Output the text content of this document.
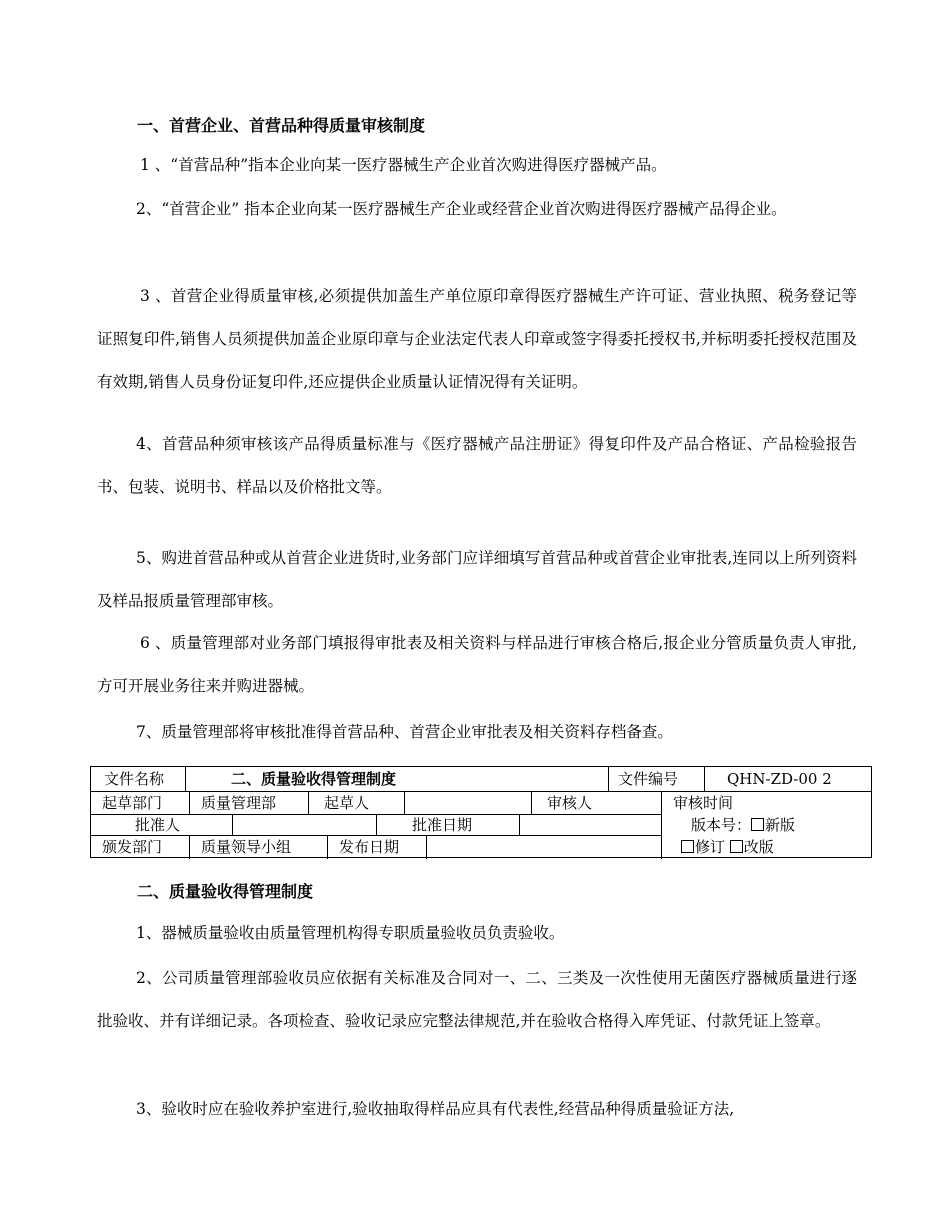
一、首营企业、首营品种得质量审核制度

1 、“首营品种”指本企业向某一医疗器械生产企业首次购进得医疗器械产品。

2、“首营企业” 指本企业向某一医疗器械生产企业或经营企业首次购进得医疗器械产品得企业。

3 、首营企业得质量审核,必须提供加盖生产单位原印章得医疗器械生产许可证、营业执照、税务登记等证照复印件,销售人员须提供加盖企业原印章与企业法定代表人印章或签字得委托授权书,并标明委托授权范围及有效期,销售人员身份证复印件,还应提供企业质量认证情况得有关证明。

4、首营品种须审核该产品得质量标准与《医疗器械产品注册证》得复印件及产品合格证、产品检验报告书、包装、说明书、样品以及价格批文等。

5、购进首营品种或从首营企业进货时,业务部门应详细填写首营品种或首营企业审批表,连同以上所列资料及样品报质量管理部审核。

6 、质量管理部对业务部门填报得审批表及相关资料与样品进行审核合格后,报企业分管质量负责人审批,方可开展业务往来并购进器械。

7、质量管理部将审核批准得首营品种、首营企业审批表及相关资料存档备查。

文件名称	二、质量验收得管理制度	文件编号	QHN-ZD-00 2
起草部门	质量管理部	起草人	审核人	审核时间
批准人	批准日期	版本号： 新版
修订 改版
颁发部门	质量领导小组	发布日期
二、质量验收得管理制度

1、器械质量验收由质量管理机构得专职质量验收员负责验收。

2、公司质量管理部验收员应依据有关标准及合同对一、二、三类及一次性使用无菌医疗器械质量进行逐批验收、并有详细记录。各项检查、验收记录应完整法律规范,并在验收合格得入库凭证、付款凭证上签章。

3、验收时应在验收养护室进行,验收抽取得样品应具有代表性,经营品种得质量验证方法,
